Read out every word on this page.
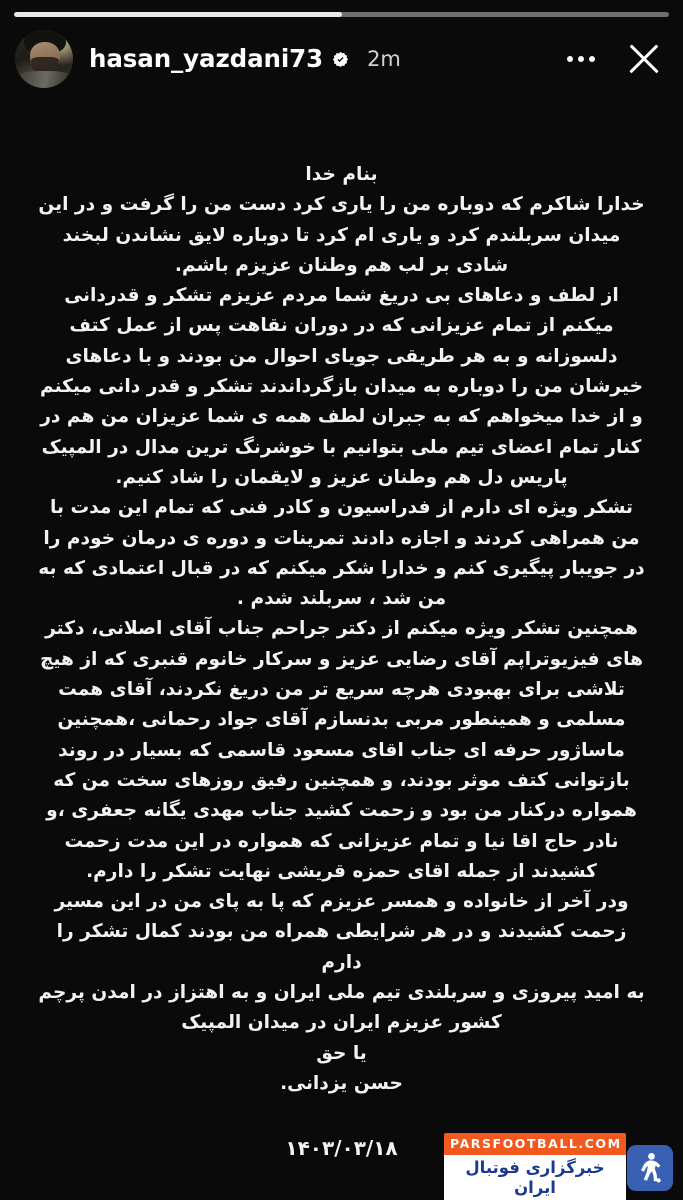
hasan_yazdani73 2m

بنام خدا

خدارا شاکرم که دوباره من را یاری کرد دست من را گرفت و در این میدان سربلندم کرد و یاری ام کرد تا دوباره لایق نشاندن لبخند شادی بر لب هم وطنان عزیزم باشم.

از لطف و دعاهای بی دریغ شما مردم عزیزم تشکر و قدردانی میکنم از تمام عزیزانی که در دوران نقاهت پس از عمل کتف دلسوزانه و به هر طریقی جویای احوال من بودند و با دعاهای خیرشان من را دوباره به میدان بازگرداندند تشکر و قدر دانی میکنم و از خدا میخواهم که به جبران لطف همه ی شما عزیزان من هم در کنار تمام اعضای تیم ملی بتوانیم با خوشرنگ ترین مدال در المپیک پاریس دل هم وطنان عزیز و لایقمان را شاد کنیم.

تشکر ویژه ای دارم از فدراسیون و کادر فنی که تمام این مدت با من همراهی کردند و اجازه دادند تمرینات و دوره ی درمان خودم را در جویبار پیگیری کنم و خدارا شکر میکنم که در قبال اعتمادی که به من شد ، سربلند شدم .

همچنین تشکر ویژه میکنم از دکتر جراحم جناب آقای اصلانی، دکتر های فیزیوتراپم آقای رضایی عزیز و سرکار خانوم قنبری که از هیچ تلاشی برای بهبودی هرچه سریع تر من دریغ نکردند، آقای همت مسلمی و همینطور مربی بدنسازم آقای جواد رحمانی ،همچنین ماساژور حرفه ای جناب اقای مسعود قاسمی که بسیار در روند بازتوانی کتف موثر بودند، و همچنین رفیق روزهای سخت من که همواره درکنار من بود و زحمت کشید جناب مهدی یگانه جعفری ،و نادر حاج اقا نیا و تمام عزیزانی که همواره در این مدت زحمت کشیدند از جمله اقای حمزه قریشی نهایت تشکر را دارم.

ودر آخر از خانواده و همسر عزیزم که پا به پای من در این مسیر زحمت کشیدند و در هر شرایطی همراه من بودند کمال تشکر را دارم

به امید پیروزی و سربلندی تیم ملی ایران و به اهتزاز در امدن پرچم کشور عزیزم ایران در میدان المپیک

یا حق

حسن یزدانی.

۱۴۰۳/۰۳/۱۸	PARSFOOTBALL.COM
خبرگزاری فوتبال ایران
